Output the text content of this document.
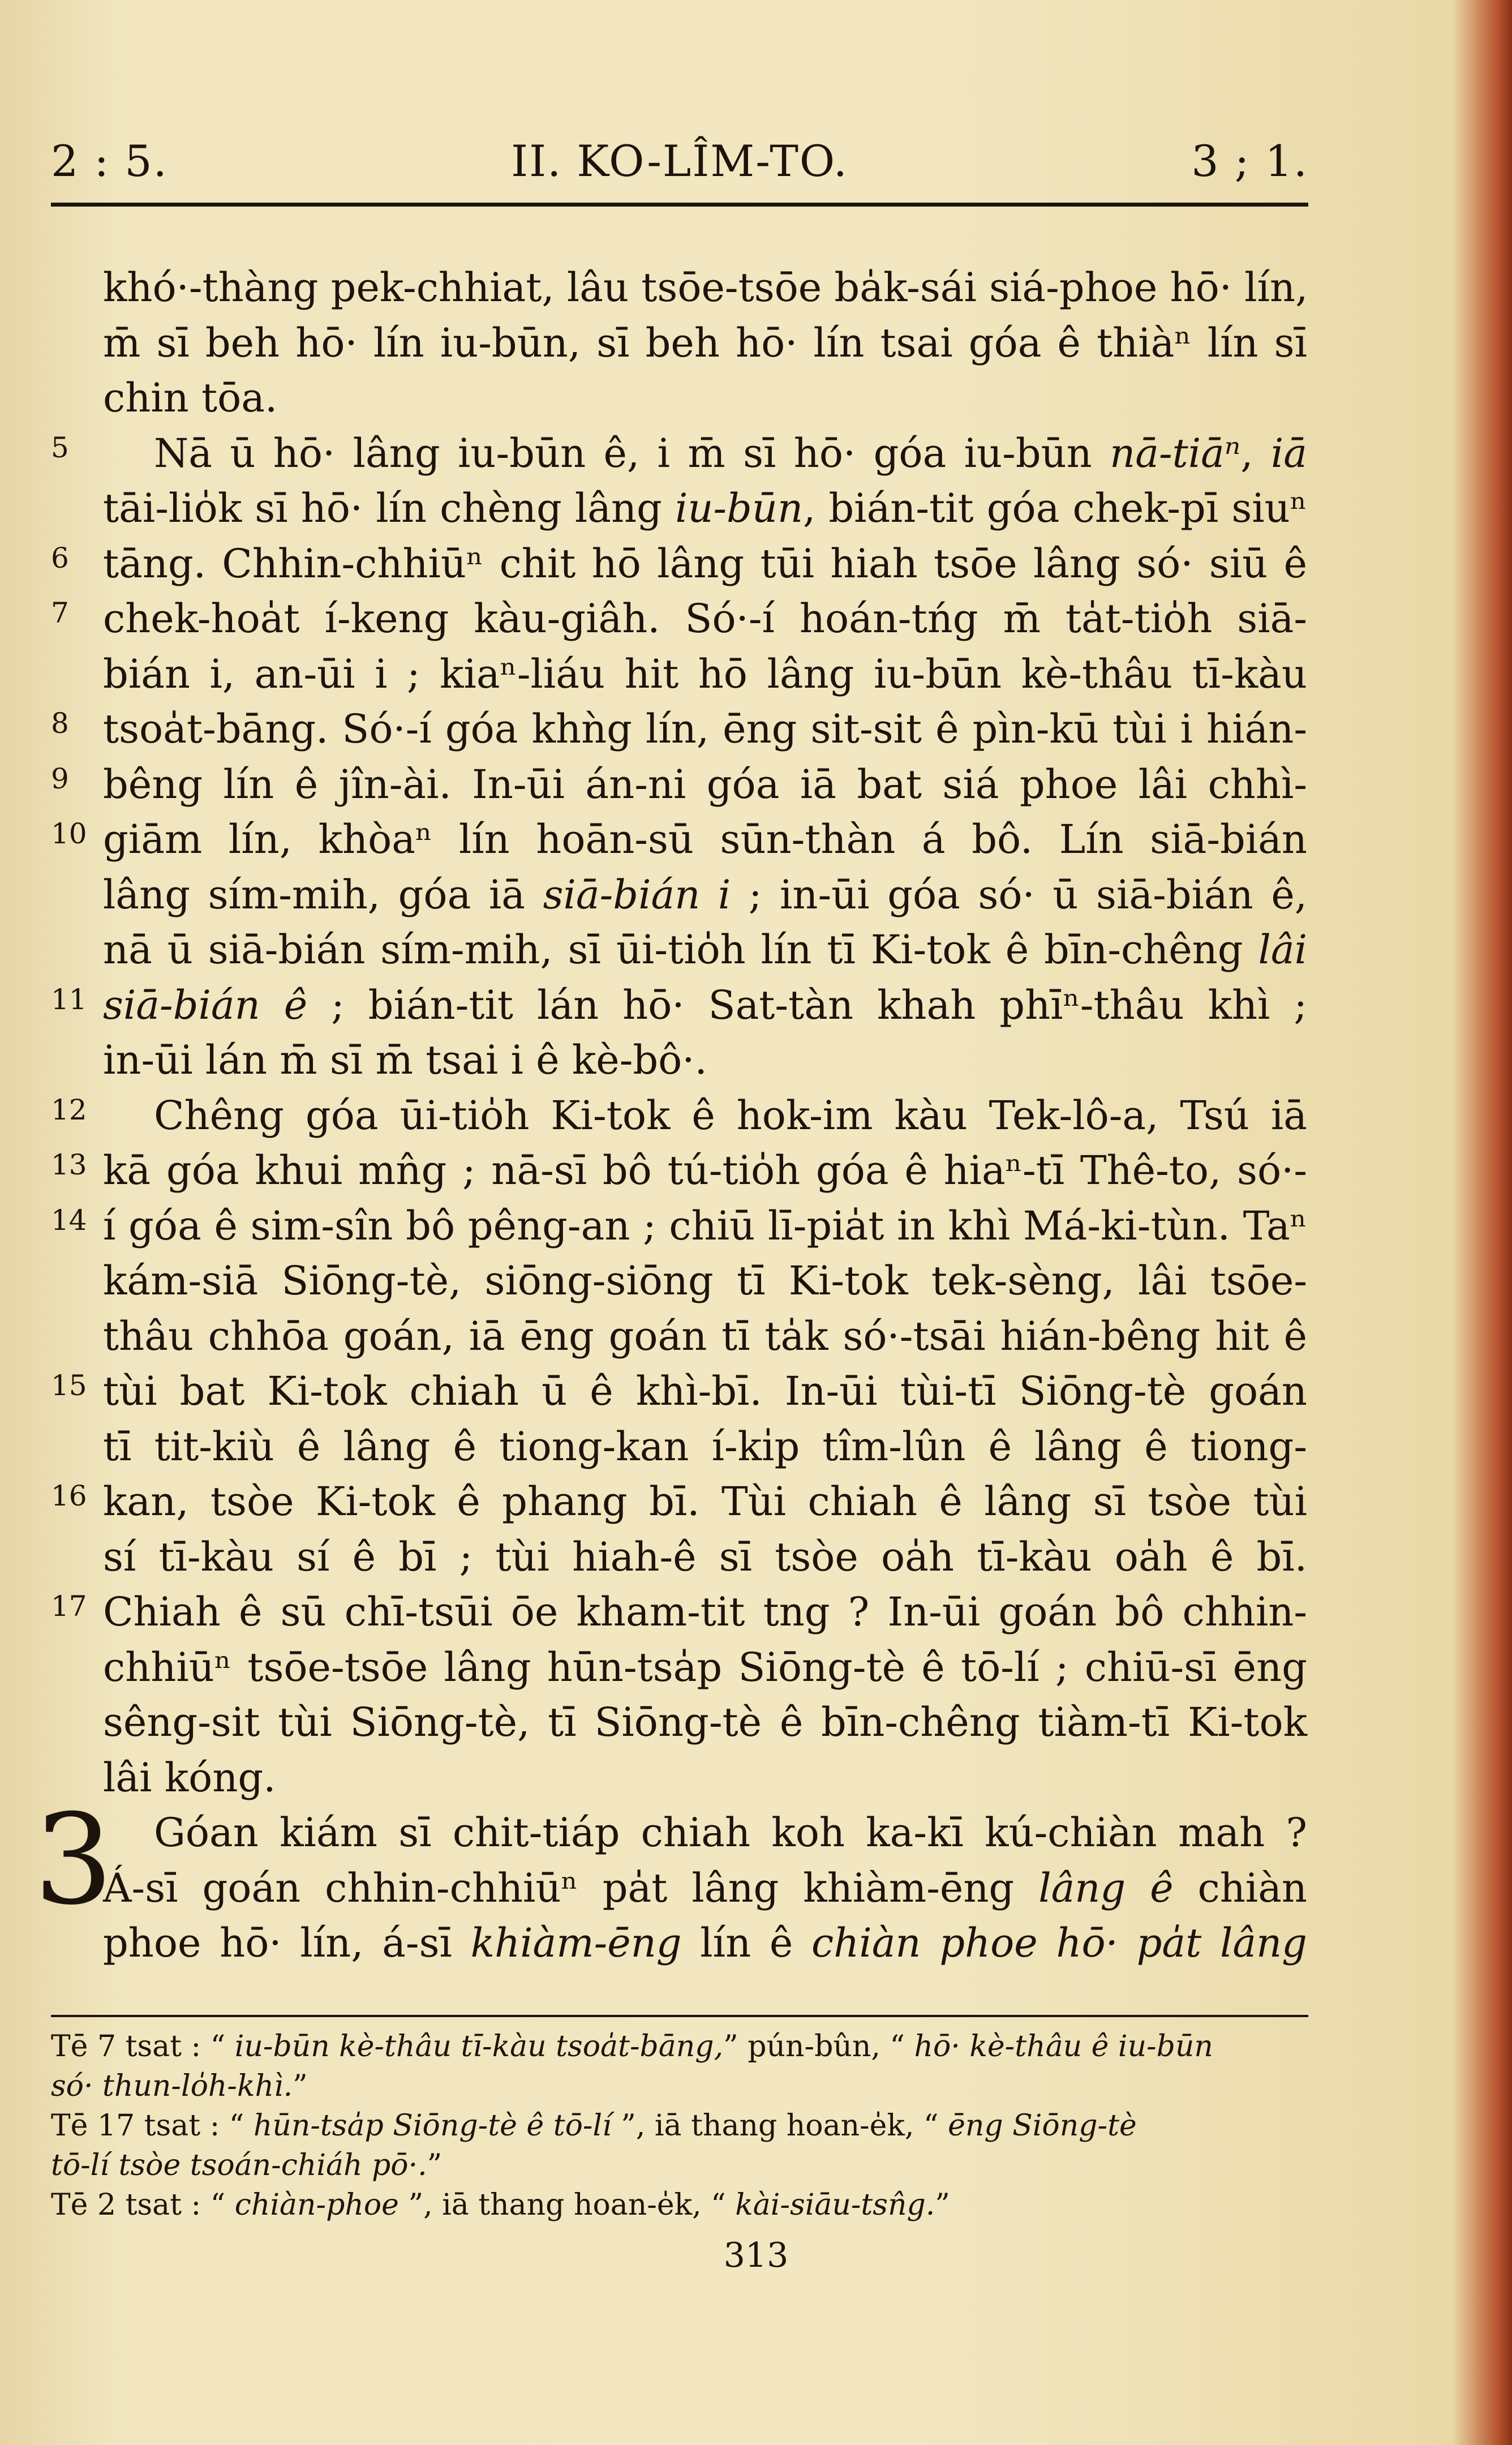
2 : 5.	II. KO-LÎM-TO.	3 ; 1.
khó·-thàng pek-chhiat, lâu tsōe-tsōe ba̍k-sái siá-phoe hō· lín,
m̄ sī beh hō· lín iu-būn, sī beh hō· lín tsai góa ê thiàⁿ lín sī
chin tōa.
5	Nā ū hō· lâng iu-būn ê, i m̄ sī hō· góa iu-būn nā-tiāⁿ, iā
tāi-lio̍k sī hō· lín chèng lâng iu-būn, bián-tit góa chek-pī siuⁿ
6 tāng. Chhin-chhiūⁿ chit hō lâng tūi hiah tsōe lâng só· siū ê
7 chek-hoa̍t í-keng kàu-giâh. Só·-í hoán-tńg m̄ ta̍t-tio̍h siā-
bián i, an-ūi i ; kiaⁿ-liáu hit hō lâng iu-būn kè-thâu tī-kàu
8 tsoa̍t-bāng. Só·-í góa khǹg lín, ēng sit-sit ê pìn-kū tùi i hián-
9 bêng lín ê jîn-ài. In-ūi án-ni góa iā bat siá phoe lâi chhì-
10 giām lín, khòaⁿ lín hoān-sū sūn-thàn á bô. Lín siā-bián
lâng sím-mih, góa iā siā-bián i ; in-ūi góa só· ū siā-bián ê,
nā ū siā-bián sím-mih, sī ūi-tio̍h lín tī Ki-tok ê bīn-chêng lâi
11 siā-bián ê ; bián-tit lán hō· Sat-tàn khah phīⁿ-thâu khì ;
in-ūi lán m̄ sī m̄ tsai i ê kè-bô·.
12 Chêng góa ūi-tio̍h Ki-tok ê hok-im kàu Tek-lô-a, Tsú iā
13 kā góa khui mn̂g ; nā-sī bô tú-tio̍h góa ê hiaⁿ-tī Thê-to, só·-
14 í góa ê sim-sîn bô pêng-an ; chiū lī-pia̍t in khì Má-ki-tùn. Taⁿ
kám-siā Siōng-tè, siōng-siōng tī Ki-tok tek-sèng, lâi tsōe-
thâu chhōa goán, iā ēng goán tī ta̍k só·-tsāi hián-bêng hit ê
15 tùi bat Ki-tok chiah ū ê khì-bī. In-ūi tùi-tī Siōng-tè goán
tī tit-kiù ê lâng ê tiong-kan í-ki̍p tîm-lûn ê lâng ê tiong-
16 kan, tsòe Ki-tok ê phang bī. Tùi chiah ê lâng sī tsòe tùi
sí tī-kàu sí ê bī ; tùi hiah-ê sī tsòe oa̍h tī-kàu oa̍h ê bī.
17 Chiah ê sū chī-tsūi ōe kham-tit tng ? In-ūi goán bô chhin-
chhiūⁿ tsōe-tsōe lâng hūn-tsa̍p Siōng-tè ê tō-lí ; chiū-sī ēng
sêng-sit tùi Siōng-tè, tī Siōng-tè ê bīn-chêng tiàm-tī Ki-tok
lâi kóng.
3 Góan kiám sī chit-tiáp chiah koh ka-kī kú-chiàn mah ?
Á-sī goán chhin-chhiūⁿ pa̍t lâng khiàm-ēng lâng ê chiàn
phoe hō· lín, á-sī khiàm-ēng lín ê chiàn phoe hō· pa̍t lâng
Tē 7 tsat : “ iu-būn kè-thâu tī-kàu tsoa̍t-bāng,” pún-bûn, “ hō· kè-thâu ê iu-būn
só· thun-lo̍h-khì.”
Tē 17 tsat : “ hūn-tsa̍p Siōng-tè ê tō-lí ”, iā thang hoan-e̍k, “ ēng Siōng-tè
tō-lí tsòe tsoán-chiáh pō·.”
Tē 2 tsat : “ chiàn-phoe ”, iā thang hoan-e̍k, “ kài-siāu-tsn̂g.”
313
